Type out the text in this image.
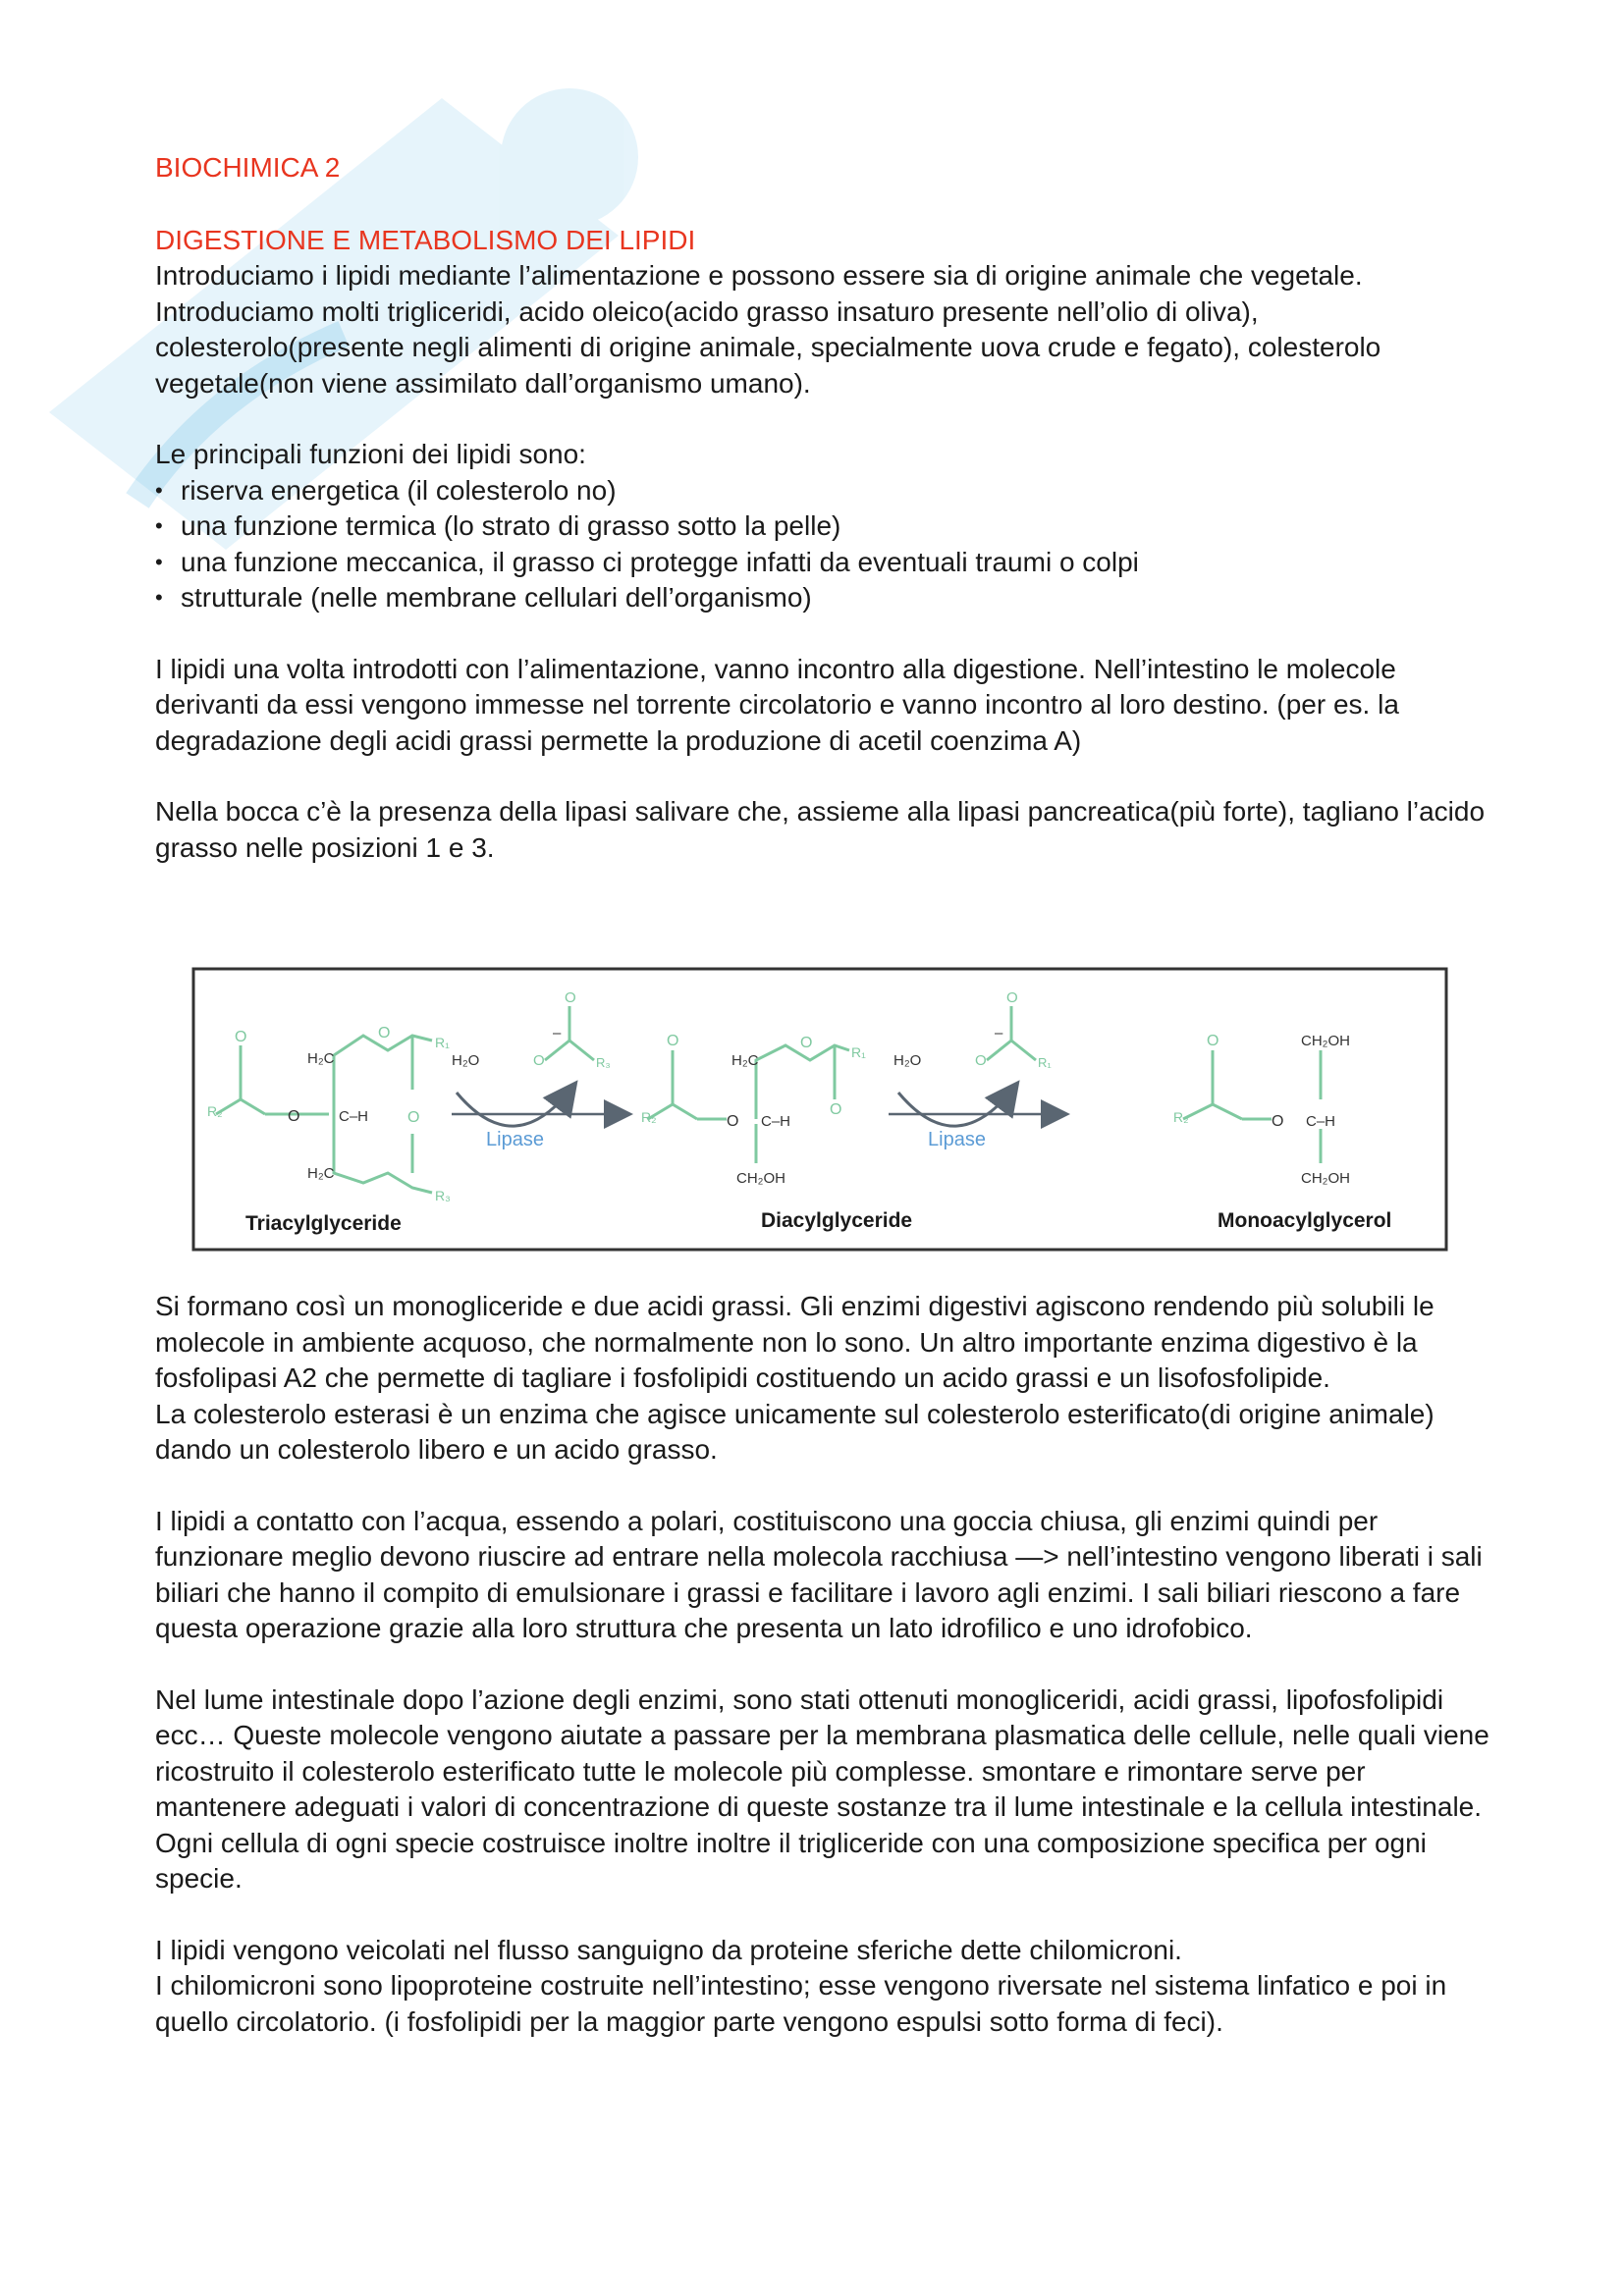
BIOCHIMICA 2
DIGESTIONE E METABOLISMO DEI LIPIDI

Introduciamo i lipidi mediante l’alimentazione e possono essere sia di origine animale che vegetale. Introduciamo molti trigliceridi, acido oleico(acido grasso insaturo presente nell’olio di oliva), colesterolo(presente negli alimenti di origine animale, specialmente uova crude e fegato), colesterolo vegetale(non viene assimilato dall’organismo umano).

Le principali funzioni dei lipidi sono:

• riserva energetica (il colesterolo no)
• una funzione termica (lo strato di grasso sotto la pelle)
• una funzione meccanica, il grasso ci protegge infatti da eventuali traumi o colpi
• strutturale (nelle membrane cellulari dell’organismo)

I lipidi una volta introdotti con l’alimentazione, vanno incontro alla digestione. Nell’intestino le molecole derivanti da essi vengono immesse nel torrente circolatorio e vanno incontro al loro destino. (per es. la degradazione degli acidi grassi permette la produzione di acetil coenzima A)

Nella bocca c’è la presenza della lipasi salivare che, assieme alla lipasi pancreatica(più forte), tagliano l’acido grasso nelle posizioni 1 e 3.

R₂
O
O
H₂C
C–H
H₂C
O
R₁
O
R₃
H₂O
Lipase
O
O
–
R₃
R₂
O
O
H₂C
C–H
CH₂OH
O
R₁
O
H₂O
Lipase
O
O
–
R₁
R₂
O
O
CH₂OH
C–H
CH₂OH
Triacylglyceride	Diacylglyceride	Monoacylglycerol

Si formano così un monogliceride e due acidi grassi. Gli enzimi digestivi agiscono rendendo più solubili le molecole in ambiente acquoso, che normalmente non lo sono. Un altro importante enzima digestivo è la fosfolipasi A2 che permette di tagliare i fosfolipidi costituendo un acido grassi e un lisofosfolipide.

La colesterolo esterasi è un enzima che agisce unicamente sul colesterolo esterificato(di origine animale) dando un colesterolo libero e un acido grasso.

I lipidi a contatto con l’acqua, essendo a polari, costituiscono una goccia chiusa, gli enzimi quindi per funzionare meglio devono riuscire ad entrare nella molecola racchiusa —> nell’intestino vengono liberati i sali biliari che hanno il compito di emulsionare i grassi e facilitare i lavoro agli enzimi. I sali biliari riescono a fare questa operazione grazie alla loro struttura che presenta un lato idrofilico e uno idrofobico.

Nel lume intestinale dopo l’azione degli enzimi, sono stati ottenuti monogliceridi, acidi grassi, lipofosfolipidi ecc… Queste molecole vengono aiutate a passare per la membrana plasmatica delle cellule, nelle quali viene ricostruito il colesterolo esterificato tutte le molecole più complesse. smontare e rimontare serve per mantenere adeguati i valori di concentrazione di queste sostanze tra il lume intestinale e la cellula intestinale. Ogni cellula di ogni specie costruisce inoltre inoltre il trigliceride con una composizione specifica per ogni specie.

I lipidi vengono veicolati nel flusso sanguigno da proteine sferiche dette chilomicroni.

I chilomicroni sono lipoproteine costruite nell’intestino; esse vengono riversate nel sistema linfatico e poi in quello circolatorio. (i fosfolipidi per la maggior parte vengono espulsi sotto forma di feci).
